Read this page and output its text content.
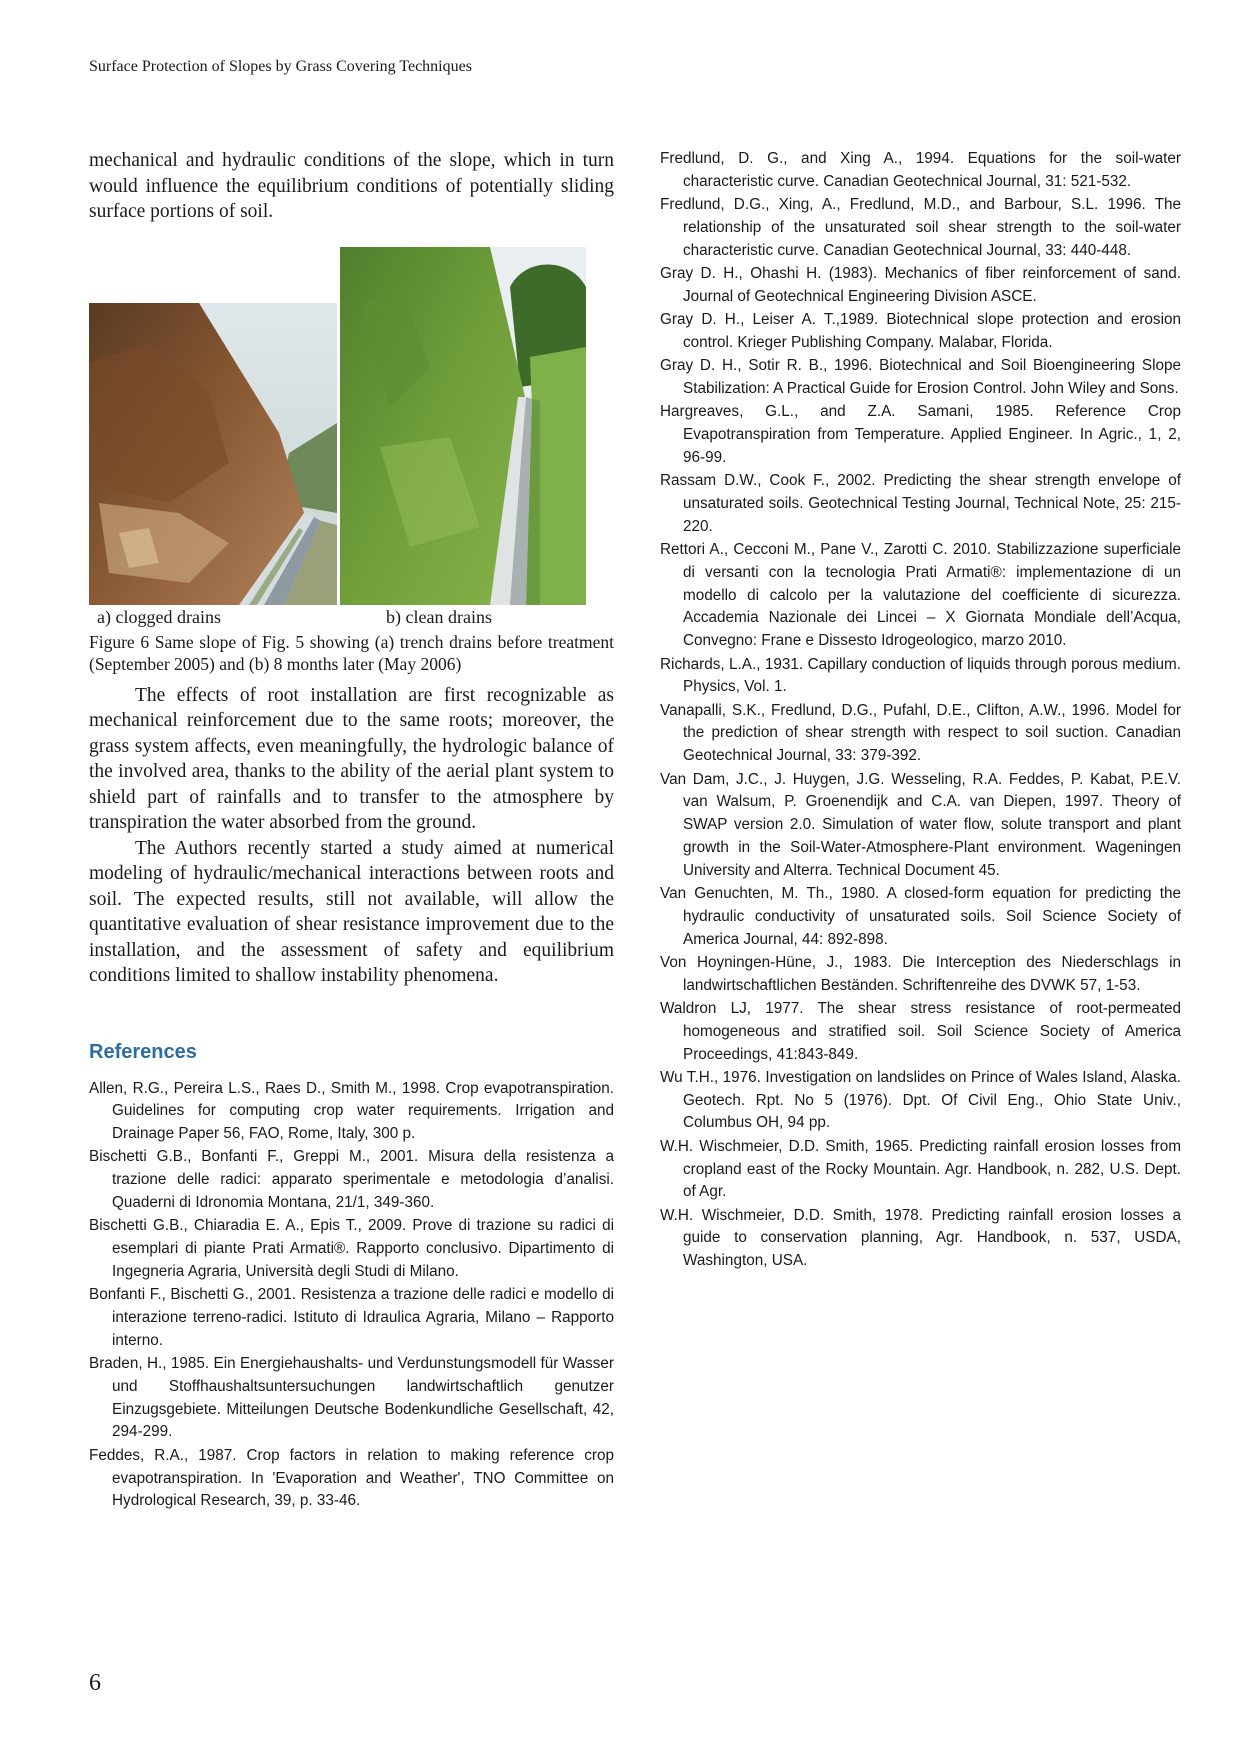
Surface Protection of Slopes by Grass Covering Techniques

mechanical and hydraulic conditions of the slope, which in turn would influence the equilibrium conditions of potentially sliding surface portions of soil.

a) clogged drains	b) clean drains

Figure 6 Same slope of Fig. 5 showing (a) trench drains before treatment (September 2005) and (b) 8 months later (May 2006)

The effects of root installation are first recognizable as mechanical reinforcement due to the same roots; moreover, the grass system affects, even meaningfully, the hydrologic balance of the involved area, thanks to the ability of the aerial plant system to shield part of rainfalls and to transfer to the atmosphere by transpiration the water absorbed from the ground.

The Authors recently started a study aimed at numerical modeling of hydraulic/mechanical interactions between roots and soil. The expected results, still not available, will allow the quantitative evaluation of shear resistance improvement due to the installation, and the assessment of safety and equilibrium conditions limited to shallow instability phenomena.

References
Allen, R.G., Pereira L.S., Raes D., Smith M., 1998. Crop evapotranspiration. Guidelines for computing crop water requirements. Irrigation and Drainage Paper 56, FAO, Rome, Italy, 300 p.
Bischetti G.B., Bonfanti F., Greppi M., 2001. Misura della resistenza a trazione delle radici: apparato sperimentale e metodologia d’analisi. Quaderni di Idronomia Montana, 21/1, 349-360.
Bischetti G.B., Chiaradia E. A., Epis T., 2009. Prove di trazione su radici di esemplari di piante Prati Armati®. Rapporto conclusivo. Dipartimento di Ingegneria Agraria, Università degli Studi di Milano.
Bonfanti F., Bischetti G., 2001. Resistenza a trazione delle radici e modello di interazione terreno-radici. Istituto di Idraulica Agraria, Milano – Rapporto interno.
Braden, H., 1985. Ein Energiehaushalts- und Verdunstungsmodell für Wasser und Stoffhaushaltsuntersuchungen landwirtschaftlich genutzer Einzugsgebiete. Mitteilungen Deutsche Bodenkundliche Gesellschaft, 42, 294-299.
Feddes, R.A., 1987. Crop factors in relation to making reference crop evapotranspiration. In 'Evaporation and Weather', TNO Committee on Hydrological Research, 39, p. 33-46.
Fredlund, D. G., and Xing A., 1994. Equations for the soil-water characteristic curve. Canadian Geotechnical Journal, 31: 521-532.
Fredlund, D.G., Xing, A., Fredlund, M.D., and Barbour, S.L. 1996. The relationship of the unsaturated soil shear strength to the soil-water characteristic curve. Canadian Geotechnical Journal, 33: 440-448.
Gray D. H., Ohashi H. (1983). Mechanics of fiber reinforcement of sand. Journal of Geotechnical Engineering Division ASCE.
Gray D. H., Leiser A. T.,1989. Biotechnical slope protection and erosion control. Krieger Publishing Company. Malabar, Florida.
Gray D. H., Sotir R. B., 1996. Biotechnical and Soil Bioengineering Slope Stabilization: A Practical Guide for Erosion Control. John Wiley and Sons.
Hargreaves, G.L., and Z.A. Samani, 1985. Reference Crop Evapotranspiration from Temperature. Applied Engineer. In Agric., 1, 2, 96-99.
Rassam D.W., Cook F., 2002. Predicting the shear strength envelope of unsaturated soils. Geotechnical Testing Journal, Technical Note, 25: 215-220.
Rettori A., Cecconi M., Pane V., Zarotti C. 2010. Stabilizzazione superficiale di versanti con la tecnologia Prati Armati®: implementazione di un modello di calcolo per la valutazione del coefficiente di sicurezza. Accademia Nazionale dei Lincei – X Giornata Mondiale dell’Acqua, Convegno: Frane e Dissesto Idrogeologico, marzo 2010.
Richards, L.A., 1931. Capillary conduction of liquids through porous medium. Physics, Vol. 1.
Vanapalli, S.K., Fredlund, D.G., Pufahl, D.E., Clifton, A.W., 1996. Model for the prediction of shear strength with respect to soil suction. Canadian Geotechnical Journal, 33: 379-392.
Van Dam, J.C., J. Huygen, J.G. Wesseling, R.A. Feddes, P. Kabat, P.E.V. van Walsum, P. Groenendijk and C.A. van Diepen, 1997. Theory of SWAP version 2.0. Simulation of water flow, solute transport and plant growth in the Soil-Water-Atmosphere-Plant environment. Wageningen University and Alterra. Technical Document 45.
Van Genuchten, M. Th., 1980. A closed-form equation for predicting the hydraulic conductivity of unsaturated soils. Soil Science Society of America Journal, 44: 892-898.
Von Hoyningen-Hüne, J., 1983. Die Interception des Niederschlags in landwirtschaftlichen Beständen. Schriftenreihe des DVWK 57, 1-53.
Waldron LJ, 1977. The shear stress resistance of root-permeated homogeneous and stratified soil. Soil Science Society of America Proceedings, 41:843-849.
Wu T.H., 1976. Investigation on landslides on Prince of Wales Island, Alaska. Geotech. Rpt. No 5 (1976). Dpt. Of Civil Eng., Ohio State Univ., Columbus OH, 94 pp.
W.H. Wischmeier, D.D. Smith, 1965. Predicting rainfall erosion losses from cropland east of the Rocky Mountain. Agr. Handbook, n. 282, U.S. Dept. of Agr.
W.H. Wischmeier, D.D. Smith, 1978. Predicting rainfall erosion losses a guide to conservation planning, Agr. Handbook, n. 537, USDA, Washington, USA.
6
